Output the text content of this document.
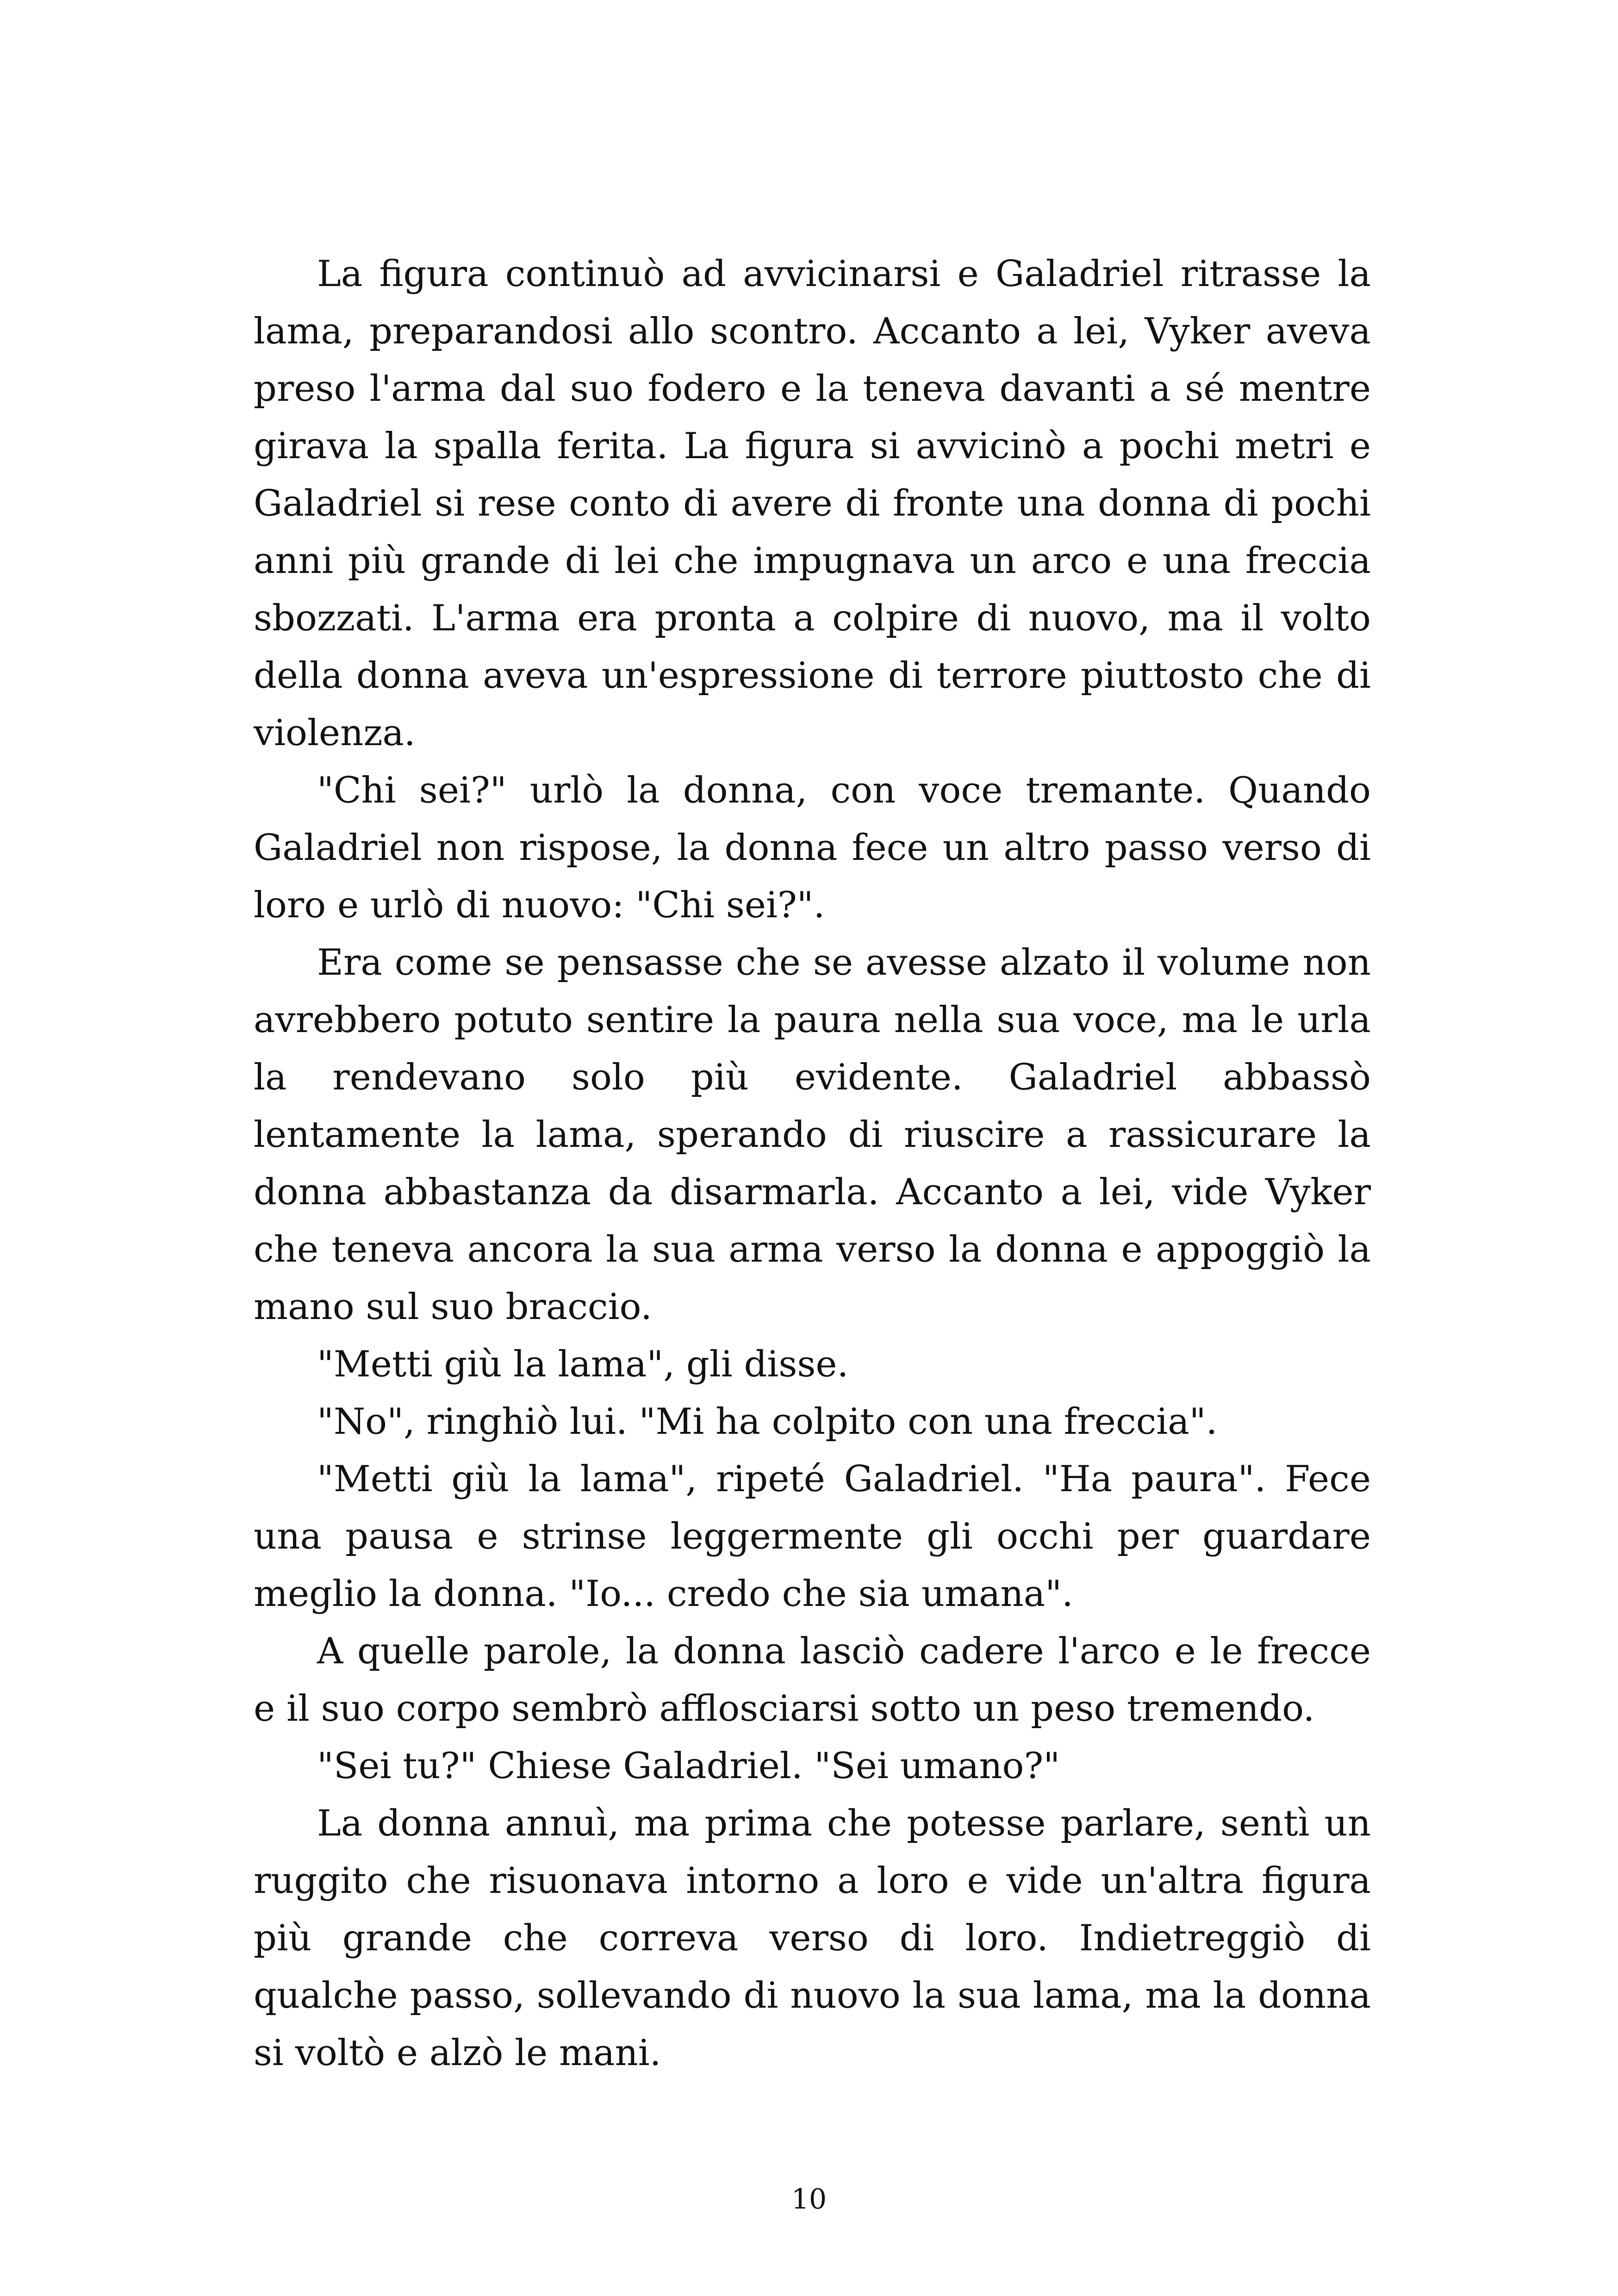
La figura continuò ad avvicinarsi e Galadriel ritrasse la lama, preparandosi allo scontro. Accanto a lei, Vyker aveva preso l'arma dal suo fodero e la teneva davanti a sé mentre girava la spalla ferita. La figura si avvicinò a pochi metri e Galadriel si rese conto di avere di fronte una donna di pochi anni più grande di lei che impugnava un arco e una freccia sbozzati. L'arma era pronta a colpire di nuovo, ma il volto della donna aveva un'espressione di terrore piuttosto che di violenza.

"Chi sei?" urlò la donna, con voce tremante. Quando Galadriel non rispose, la donna fece un altro passo verso di loro e urlò di nuovo: "Chi sei?".

Era come se pensasse che se avesse alzato il volume non avrebbero potuto sentire la paura nella sua voce, ma le urla la rendevano solo più evidente. Galadriel abbassò lentamente la lama, sperando di riuscire a rassicurare la donna abbastanza da disarmarla. Accanto a lei, vide Vyker che teneva ancora la sua arma verso la donna e appoggiò la mano sul suo braccio.

"Metti giù la lama", gli disse.

"No", ringhiò lui. "Mi ha colpito con una freccia".

"Metti giù la lama", ripeté Galadriel. "Ha paura". Fece una pausa e strinse leggermente gli occhi per guardare meglio la donna. "Io... credo che sia umana".

A quelle parole, la donna lasciò cadere l'arco e le frecce e il suo corpo sembrò afflosciarsi sotto un peso tremendo.

"Sei tu?" Chiese Galadriel. "Sei umano?"

La donna annuì, ma prima che potesse parlare, sentì un ruggito che risuonava intorno a loro e vide un'altra figura più grande che correva verso di loro. Indietreggiò di qualche passo, sollevando di nuovo la sua lama, ma la donna si voltò e alzò le mani.

10
